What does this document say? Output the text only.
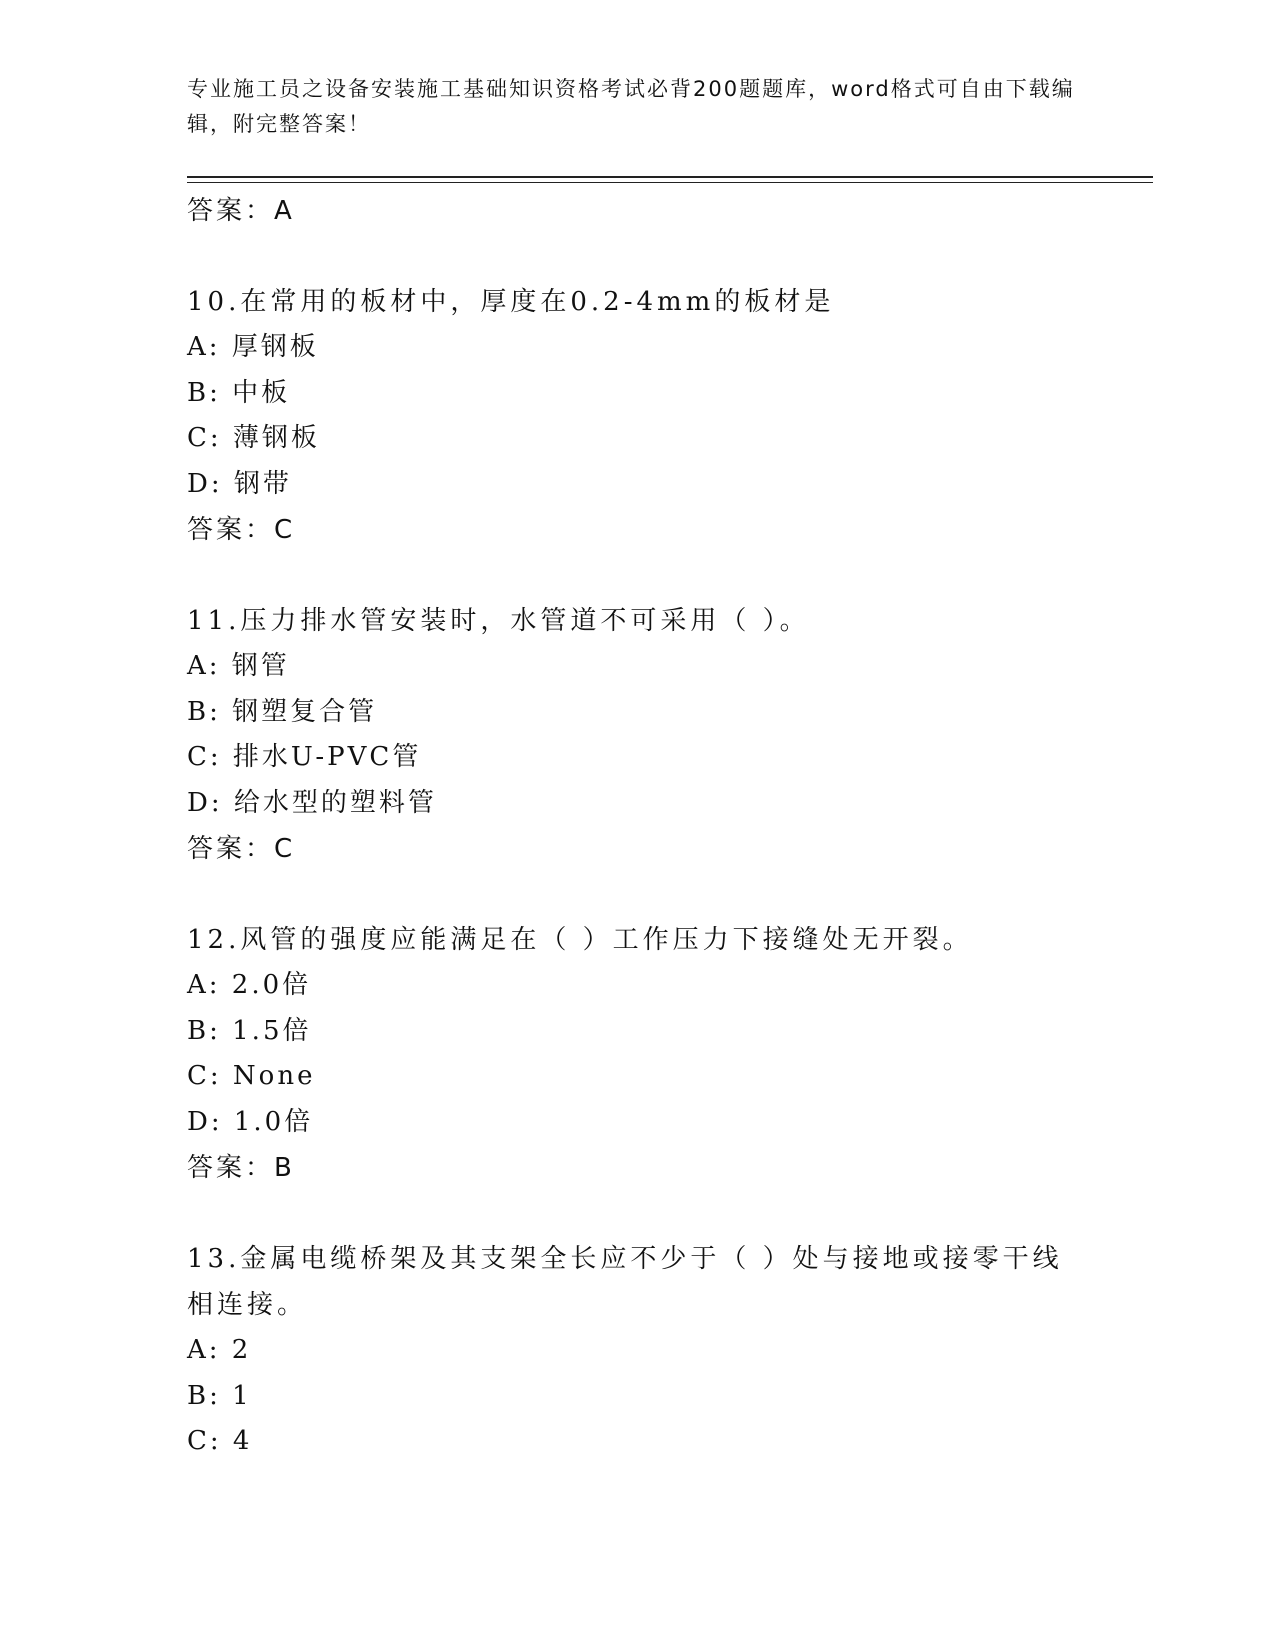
专业施工员之设备安装施工基础知识资格考试必背200题题库，word格式可自由下载编辑，附完整答案！
答案：A
10.在常用的板材中，厚度在0.2-4mm的板材是
A: 厚钢板
B: 中板
C: 薄钢板
D: 钢带
答案：C
11.压力排水管安装时，水管道不可采用（ ）。
A: 钢管
B: 钢塑复合管
C: 排水U-PVC管
D: 给水型的塑料管
答案：C
12.风管的强度应能满足在（ ）工作压力下接缝处无开裂。
A: 2.0倍
B: 1.5倍
C: None
D: 1.0倍
答案：B
13.金属电缆桥架及其支架全长应不少于（ ）处与接地或接零干线相连接。
A: 2
B: 1
C: 4
